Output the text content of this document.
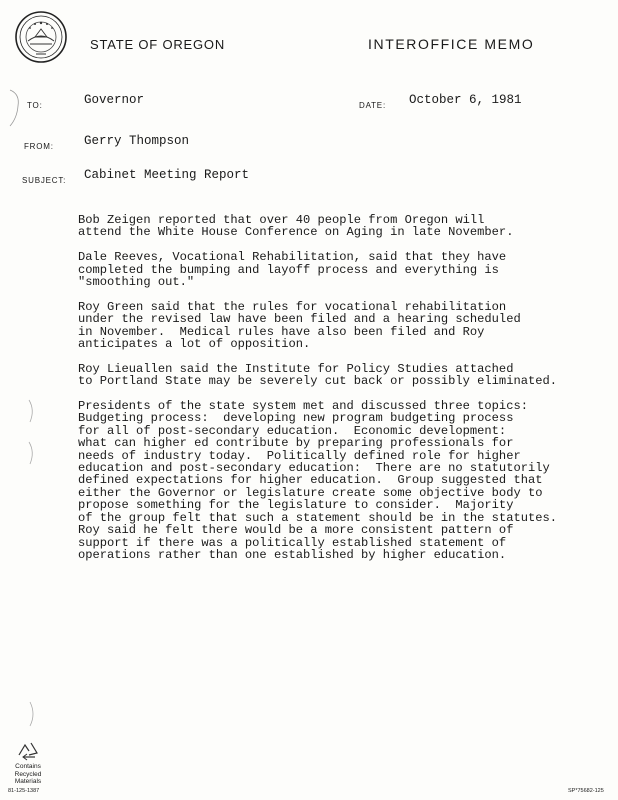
STATE OF OREGON	INTEROFFICE MEMO
TO:	Governor	DATE: October 6, 1981
FROM: Gerry Thompson
SUBJECT: Cabinet Meeting Report
Bob Zeigen reported that over 40 people from Oregon will
attend the White House Conference on Aging in late November.
Dale Reeves, Vocational Rehabilitation, said that they have
completed the bumping and layoff process and everything is
"smoothing out."
Roy Green said that the rules for vocational rehabilitation
under the revised law have been filed and a hearing scheduled
in November.  Medical rules have also been filed and Roy
anticipates a lot of opposition.
Roy Lieuallen said the Institute for Policy Studies attached
to Portland State may be severely cut back or possibly eliminated.
Presidents of the state system met and discussed three topics:
Budgeting process:  developing new program budgeting process
for all of post-secondary education.  Economic development:
what can higher ed contribute by preparing professionals for
needs of industry today.  Politically defined role for higher
education and post-secondary education:  There are no statutorily
defined expectations for higher education.  Group suggested that
either the Governor or legislature create some objective body to
propose something for the legislature to consider.  Majority
of the group felt that such a statement should be in the statutes.
Roy said he felt there would be a more consistent pattern of
support if there was a politically established statement of
operations rather than one established by higher education.
Contains Recycled Materials
81-125-1387	SP*75682-125
